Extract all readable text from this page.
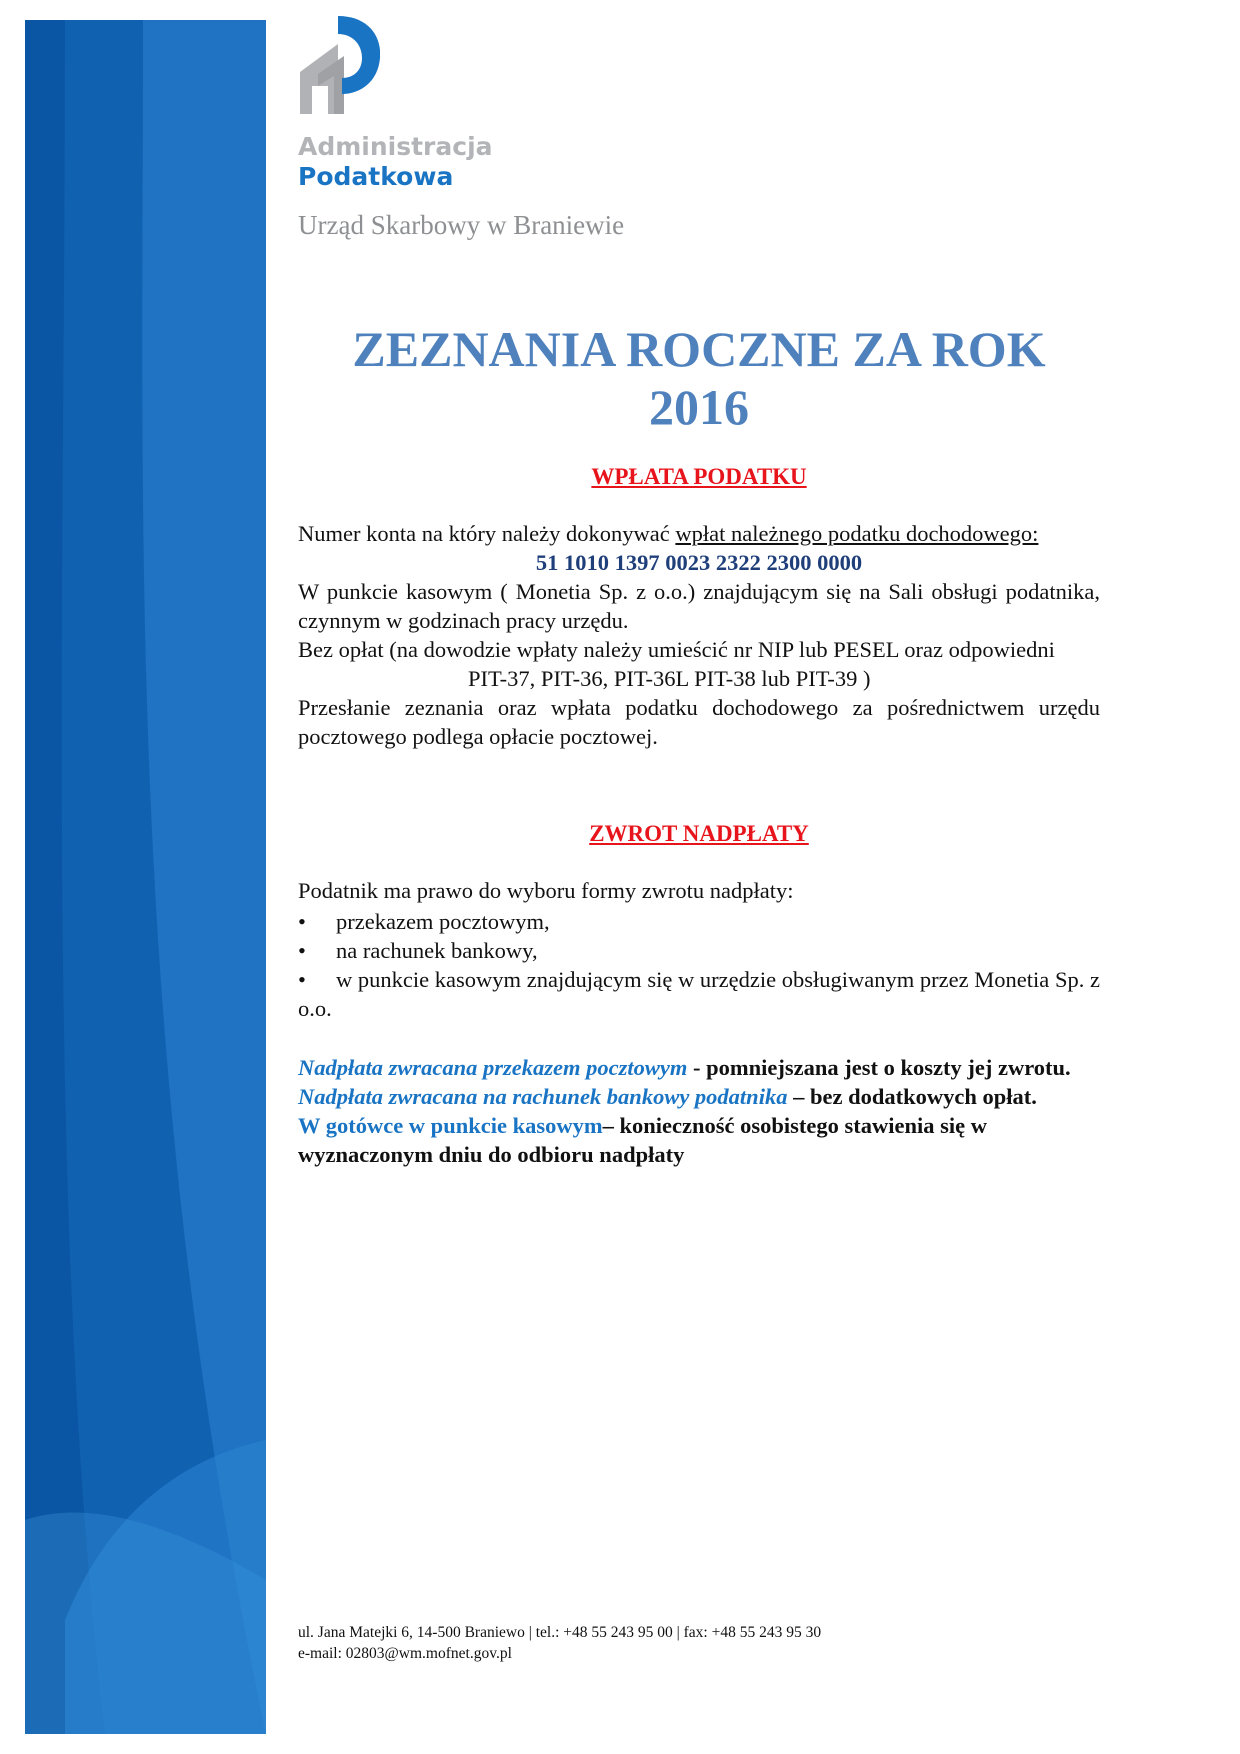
Administracja
Podatkowa
Urząd Skarbowy w Braniewie
ZEZNANIA ROCZNE ZA ROK
2016

WPŁATA PODATKU

Numer konta na który należy dokonywać wpłat należnego podatku dochodowego:

51 1010 1397 0023 2322 2300 0000

W punkcie kasowym ( Monetia Sp. z o.o.) znajdującym się na Sali obsługi podatnika, czynnym w godzinach pracy urzędu.

Bez opłat (na dowodzie wpłaty należy umieścić nr NIP lub PESEL oraz odpowiedni

PIT-37, PIT-36, PIT-36L PIT-38 lub PIT-39 )

Przesłanie zeznania oraz wpłata podatku dochodowego za pośrednictwem urzędu pocztowego podlega opłacie pocztowej.

ZWROT NADPŁATY

Podatnik ma prawo do wyboru formy zwrotu nadpłaty:

• przekazem pocztowym,
• na rachunek bankowy,
• w punkcie kasowym znajdującym się w urzędzie obsługiwanym przez Monetia Sp. z o.o.

Nadpłata zwracana przekazem pocztowym - pomniejszana jest o koszty jej zwrotu.

Nadpłata zwracana na rachunek bankowy podatnika – bez dodatkowych opłat.

W gotówce w punkcie kasowym– konieczność osobistego stawienia się w wyznaczonym dniu do odbioru nadpłaty

ul. Jana Matejki 6, 14-500 Braniewo | tel.: +48 55 243 95 00 | fax: +48 55 243 95 30
e-mail: 02803@wm.mofnet.gov.pl
